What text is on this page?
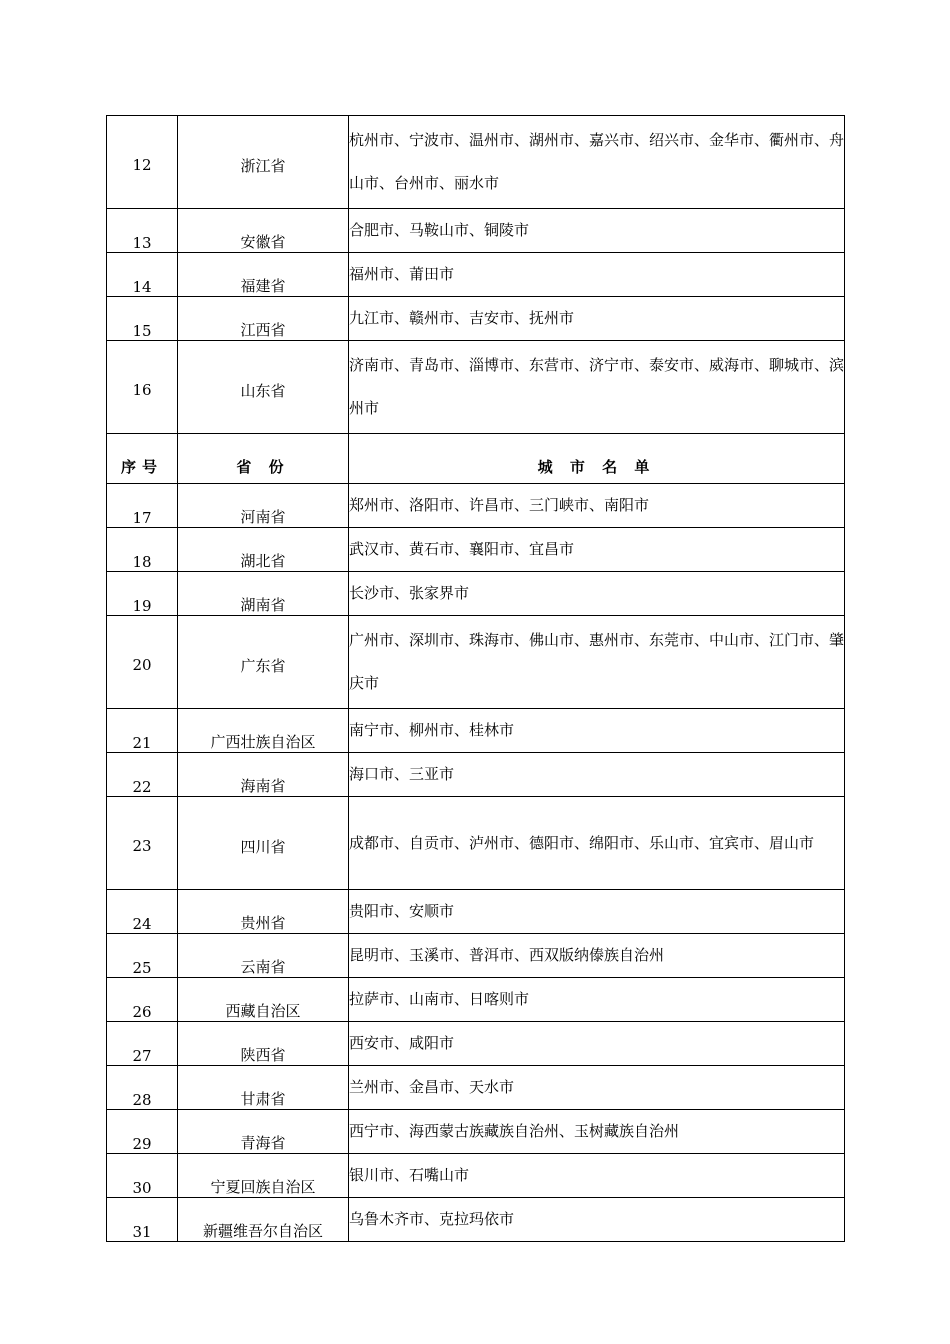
12	浙江省	杭州市、宁波市、温州市、湖州市、嘉兴市、绍兴市、金华市、衢州市、舟山市、台州市、丽水市
13	安徽省	合肥市、马鞍山市、铜陵市
14	福建省	福州市、莆田市
15	江西省	九江市、赣州市、吉安市、抚州市
16	山东省	济南市、青岛市、淄博市、东营市、济宁市、泰安市、威海市、聊城市、滨州市
序号	省 份	城 市 名 单
17	河南省	郑州市、洛阳市、许昌市、三门峡市、南阳市
18	湖北省	武汉市、黄石市、襄阳市、宜昌市
19	湖南省	长沙市、张家界市
20	广东省	广州市、深圳市、珠海市、佛山市、惠州市、东莞市、中山市、江门市、肇庆市
21	广西壮族自治区	南宁市、柳州市、桂林市
22	海南省	海口市、三亚市
23	四川省	成都市、自贡市、泸州市、德阳市、绵阳市、乐山市、宜宾市、眉山市
24	贵州省	贵阳市、安顺市
25	云南省	昆明市、玉溪市、普洱市、西双版纳傣族自治州
26	西藏自治区	拉萨市、山南市、日喀则市
27	陕西省	西安市、咸阳市
28	甘肃省	兰州市、金昌市、天水市
29	青海省	西宁市、海西蒙古族藏族自治州、玉树藏族自治州
30	宁夏回族自治区	银川市、石嘴山市
31	新疆维吾尔自治区	乌鲁木齐市、克拉玛依市
